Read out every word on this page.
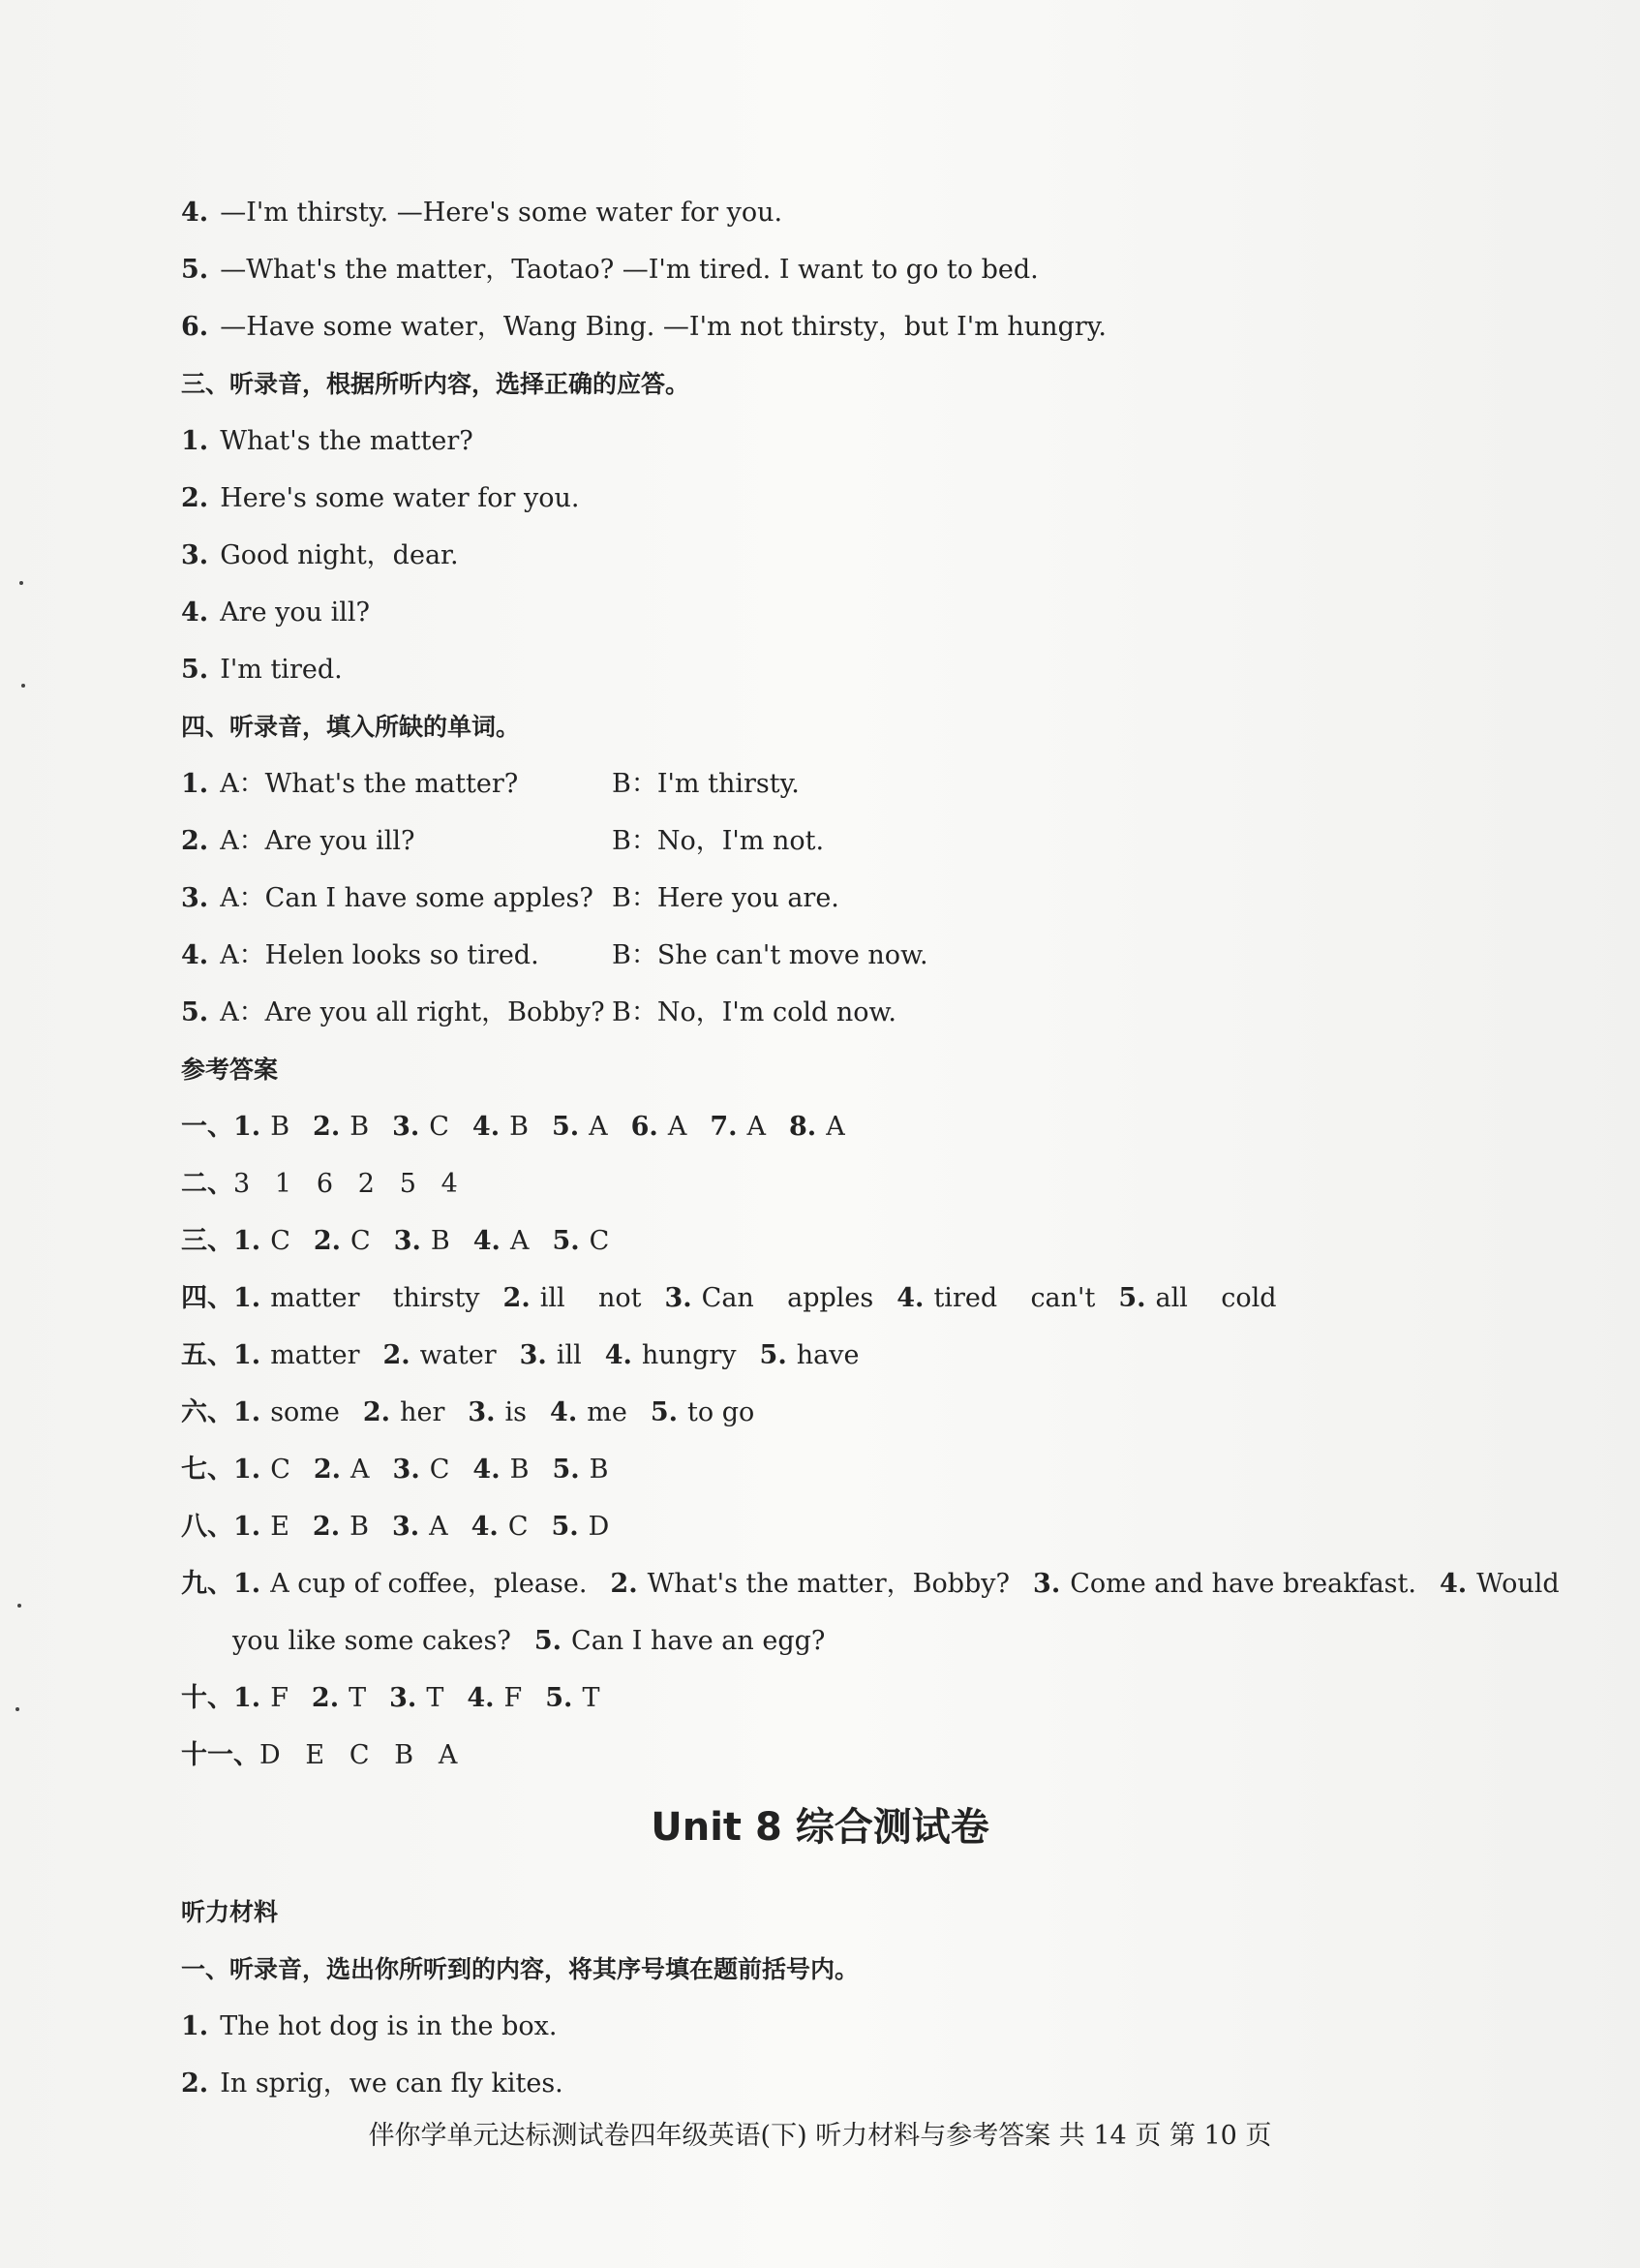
4. —I'm thirsty. —Here's some water for you.
5. —What's the matter，Taotao? —I'm tired. I want to go to bed.
6. —Have some water，Wang Bing. —I'm not thirsty，but I'm hungry.
三、听录音，根据所听内容，选择正确的应答。
1. What's the matter?
2. Here's some water for you.
3. Good night，dear.
4. Are you ill?
5. I'm tired.
四、听录音，填入所缺的单词。
1. A：What's the matter?	B：I'm thirsty.
2. A：Are you ill?	B：No，I'm not.
3. A：Can I have some apples? B：Here you are.
4. A：Helen looks so tired.	B：She can't move now.
5. A：Are you all right，Bobby? B：No，I'm cold now.
参考答案
一、1. B 2. B 3. C 4. B 5. A 6. A 7. A 8. A
二、3   1   6   2   5   4
三、1. C 2. C 3. B 4. A 5. C
四、1. matter    thirsty 2. ill    not 3. Can    apples 4. tired    can't 5. all    cold
五、1. matter 2. water 3. ill 4. hungry 5. have
六、1. some 2. her 3. is 4. me 5. to go
七、1. C 2. A 3. C 4. B 5. B
八、1. E 2. B 3. A 4. C 5. D
九、1. A cup of coffee，please. 2. What's the matter，Bobby? 3. Come and have breakfast. 4. Would
you like some cakes? 5. Can I have an egg?
十、1. F 2. T 3. T 4. F 5. T
十一、D   E   C   B   A
Unit 8 综合测试卷
听力材料
一、听录音，选出你所听到的内容，将其序号填在题前括号内。
1. The hot dog is in the box.
2. In sprig，we can fly kites.
伴你学单元达标测试卷四年级英语(下) 听力材料与参考答案 共 14 页 第 10 页
